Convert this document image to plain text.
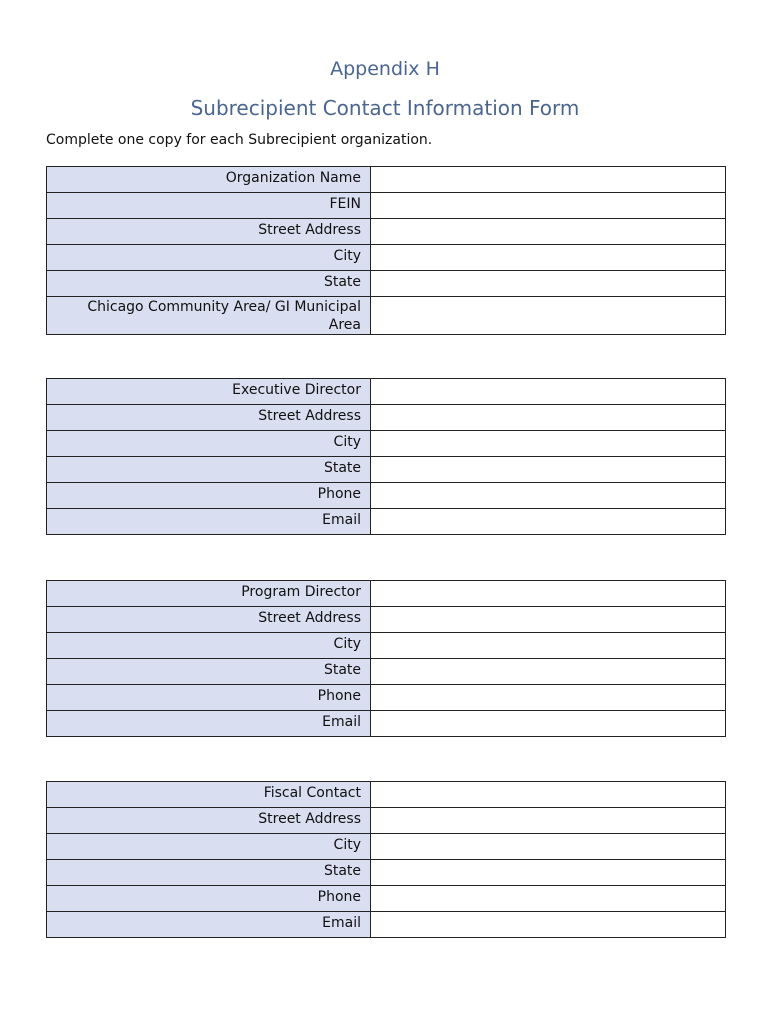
Appendix H
Subrecipient Contact Information Form
Complete one copy for each Subrecipient organization.
Organization Name	

FEIN	

Street Address	

City	

State	

Chicago Community Area/ GI Municipal Area	

Executive Director	

Street Address	

City	

State	

Phone	

Email	

Program Director	

Street Address	

City	

State	

Phone	

Email	

Fiscal Contact	

Street Address	

City	

State	

Phone	

Email	
